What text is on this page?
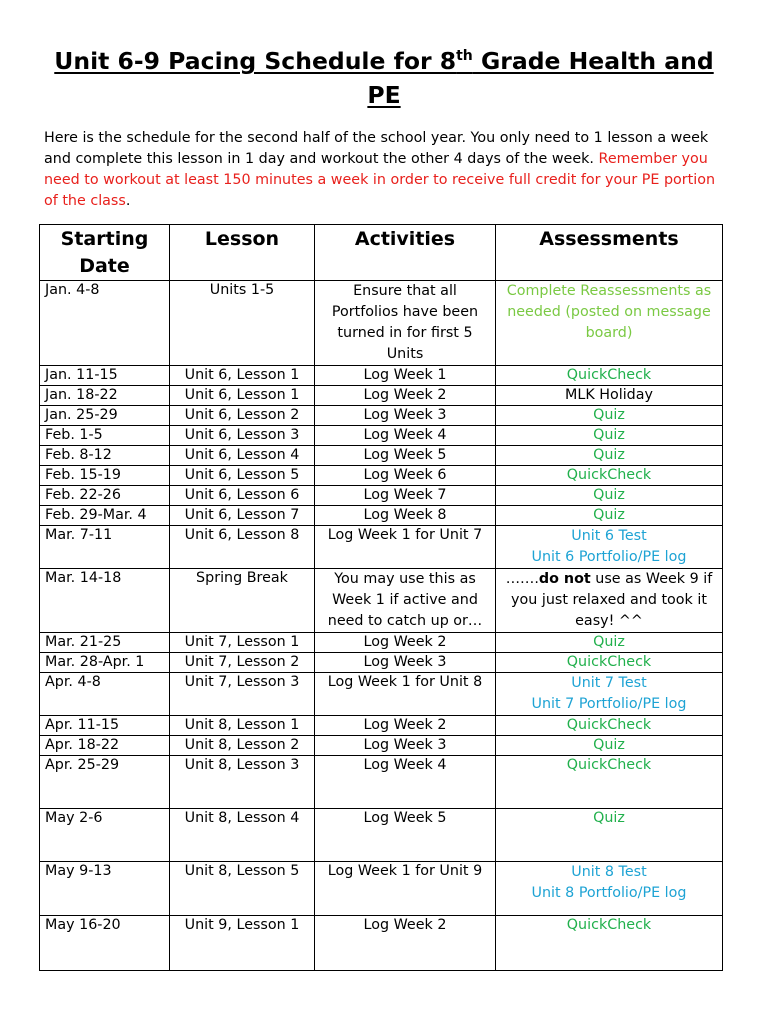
Unit 6-9 Pacing Schedule for 8th Grade Health and PE
Here is the schedule for the second half of the school year. You only need to 1 lesson a week and complete this lesson in 1 day and workout the other 4 days of the week. Remember you need to workout at least 150 minutes a week in order to receive full credit for your PE portion of the class.
Starting Date	Lesson	Activities	Assessments
Jan. 4-8	Units 1-5	Ensure that all Portfolios have been turned in for first 5 Units	Complete Reassessments as needed (posted on message board)

Jan. 11-15	Unit 6, Lesson 1	Log Week 1	QuickCheck

Jan. 18-22	Unit 6, Lesson 1	Log Week 2	MLK Holiday

Jan. 25-29	Unit 6, Lesson 2	Log Week 3	Quiz

Feb. 1-5	Unit 6, Lesson 3	Log Week 4	Quiz

Feb. 8-12	Unit 6, Lesson 4	Log Week 5	Quiz

Feb. 15-19	Unit 6, Lesson 5	Log Week 6	QuickCheck

Feb. 22-26	Unit 6, Lesson 6	Log Week 7	Quiz

Feb. 29-Mar. 4	Unit 6, Lesson 7	Log Week 8	Quiz

Mar. 7-11	Unit 6, Lesson 8	Log Week 1 for Unit 7	Unit 6 Test
Unit 6 Portfolio/PE log

Mar. 14-18	Spring Break	You may use this as Week 1 if active and need to catch up or…	…….do not use as Week 9 if you just relaxed and took it easy! ^^
Mar. 21-25	Unit 7, Lesson 1	Log Week 2	Quiz

Mar. 28-Apr. 1	Unit 7, Lesson 2	Log Week 3	QuickCheck

Apr. 4-8	Unit 7, Lesson 3	Log Week 1 for Unit 8	Unit 7 Test
Unit 7 Portfolio/PE log

Apr. 11-15	Unit 8, Lesson 1	Log Week 2	QuickCheck

Apr. 18-22	Unit 8, Lesson 2	Log Week 3	Quiz

Apr. 25-29	Unit 8, Lesson 3	Log Week 4	QuickCheck

May 2-6	Unit 8, Lesson 4	Log Week 5	Quiz

May 9-13	Unit 8, Lesson 5	Log Week 1 for Unit 9	Unit 8 Test
Unit 8 Portfolio/PE log

May 16-20	Unit 9, Lesson 1	Log Week 2	QuickCheck
